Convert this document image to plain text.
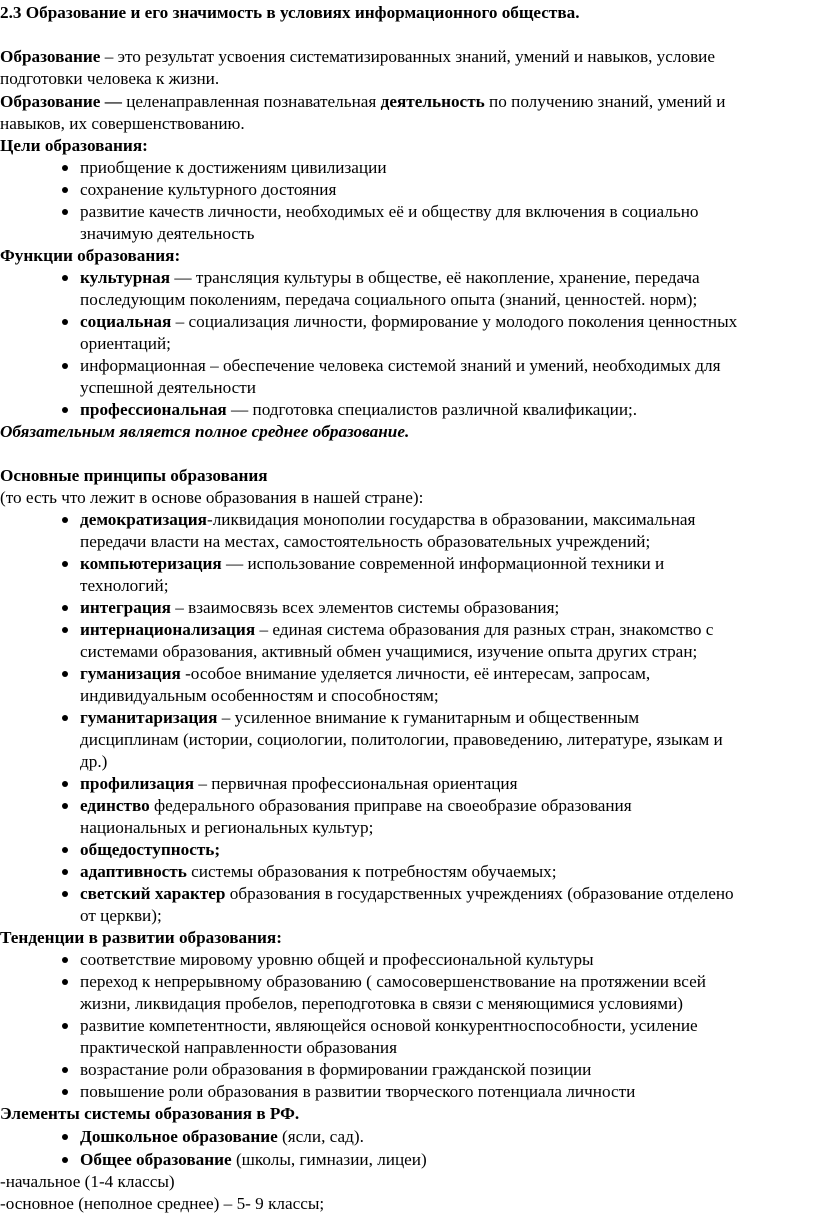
2.3 Образование и его значимость в условиях информационного общества.
Образование – это результат усвоения систематизированных знаний, умений и навыков, условие
подготовки человека к жизни.
Образование — целенаправленная познавательная деятельность по получению знаний, умений и
навыков, их совершенствованию.
Цели образования:
приобщение к достижениям цивилизации
сохранение культурного достояния
развитие качеств личности, необходимых её и обществу для включения в социально
значимую деятельность
Функции образования:
культурная — трансляция культуры в обществе, её накопление, хранение, передача
последующим поколениям, передача социального опыта (знаний, ценностей. норм);
социальная – социализация личности, формирование у молодого поколения ценностных
ориентаций;
информационная – обеспечение человека системой знаний и умений, необходимых для
успешной деятельности
профессиональная — подготовка специалистов различной квалификации;.
Обязательным является полное среднее образование.
Основные принципы образования
(то есть что лежит в основе образования в нашей стране):
демократизация-ликвидация монополии государства в образовании, максимальная
передачи власти на местах, самостоятельность образовательных учреждений;
компьютеризация — использование современной информационной техники и
технологий;
интеграция – взаимосвязь всех элементов системы образования;
интернационализация – единая система образования для разных стран, знакомство с
системами образования, активный обмен учащимися, изучение опыта других стран;
гуманизация -особое внимание уделяется личности, её интересам, запросам,
индивидуальным особенностям и способностям;
гуманитаризация – усиленное внимание к гуманитарным и общественным
дисциплинам (истории, социологии, политологии, правоведению, литературе, языкам и
др.)
профилизация – первичная профессиональная ориентация
единство федерального образования приправе на своеобразие образования
национальных и региональных культур;
общедоступность;
адаптивность системы образования к потребностям обучаемых;
светский характер образования в государственных учреждениях (образование отделено
от церкви);
Тенденции в развитии образования:
соответствие мировому уровню общей и профессиональной культуры
переход к непрерывному образованию ( самосовершенствование на протяжении всей
жизни, ликвидация пробелов, переподготовка в связи с меняющимися условиями)
развитие компетентности, являющейся основой конкурентноспособности, усиление
практической направленности образования
возрастание роли образования в формировании гражданской позиции
повышение роли образования в развитии творческого потенциала личности
Элементы системы образования в РФ.
Дошкольное образование (ясли, сад).
Общее образование (школы, гимназии, лицеи)
-начальное (1-4 классы)
-основное (неполное среднее) – 5- 9 классы;
